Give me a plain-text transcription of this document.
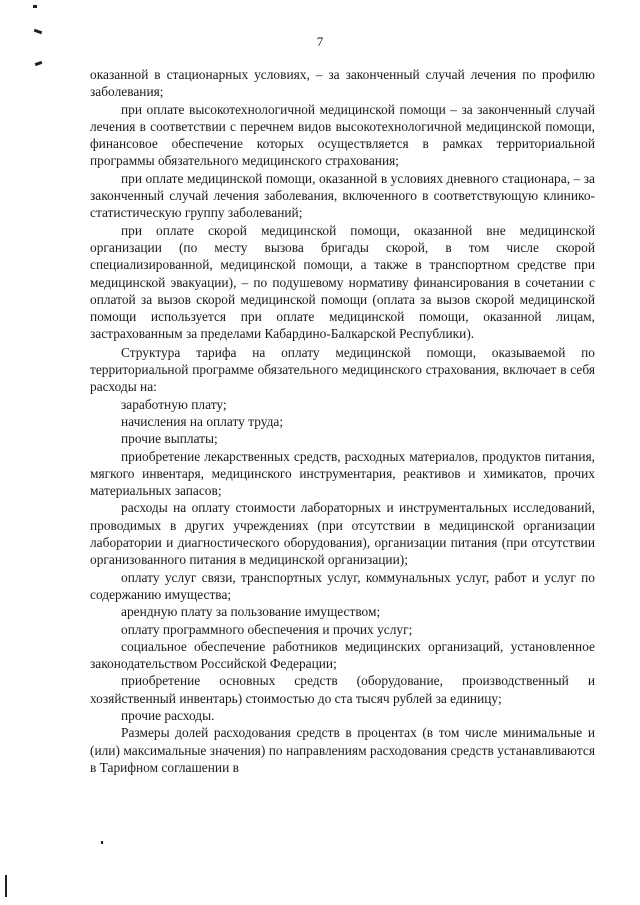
7

оказанной в стационарных условиях, – за законченный случай лечения по профилю заболевания;

при оплате высокотехнологичной медицинской помощи – за законченный случай лечения в соответствии с перечнем видов высокотехнологичной медицинской помощи, финансовое обеспечение которых осуществляется в рамках территориальной программы обязательного медицинского страхования;

при оплате медицинской помощи, оказанной в условиях дневного стационара, – за законченный случай лечения заболевания, включенного в соответствующую клинико-статистическую группу заболеваний;

при оплате скорой медицинской помощи, оказанной вне медицинской организации (по месту вызова бригады скорой, в том числе скорой специализированной, медицинской помощи, а также в транспортном средстве при медицинской эвакуации), – по подушевому нормативу финансирования в сочетании с оплатой за вызов скорой медицинской помощи (оплата за вызов скорой медицинской помощи используется при оплате медицинской помощи, оказанной лицам, застрахованным за пределами Кабардино-Балкарской Республики).

Структура тарифа на оплату медицинской помощи, оказываемой по территориальной программе обязательного медицинского страхования, включает в себя расходы на:

заработную плату;

начисления на оплату труда;

прочие выплаты;

приобретение лекарственных средств, расходных материалов, продуктов питания, мягкого инвентаря, медицинского инструментария, реактивов и химикатов, прочих материальных запасов;

расходы на оплату стоимости лабораторных и инструментальных исследований, проводимых в других учреждениях (при отсутствии в медицинской организации лаборатории и диагностического оборудования), организации питания (при отсутствии организованного питания в медицинской организации);

оплату услуг связи, транспортных услуг, коммунальных услуг, работ и услуг по содержанию имущества;

арендную плату за пользование имуществом;

оплату программного обеспечения и прочих услуг;

социальное обеспечение работников медицинских организаций, установленное законодательством Российской Федерации;

приобретение основных средств (оборудование, производственный и хозяйственный инвентарь) стоимостью до ста тысяч рублей за единицу;

прочие расходы.

Размеры долей расходования средств в процентах (в том числе минимальные и (или) максимальные значения) по направлениям расходования средств устанавливаются в Тарифном соглашении в
